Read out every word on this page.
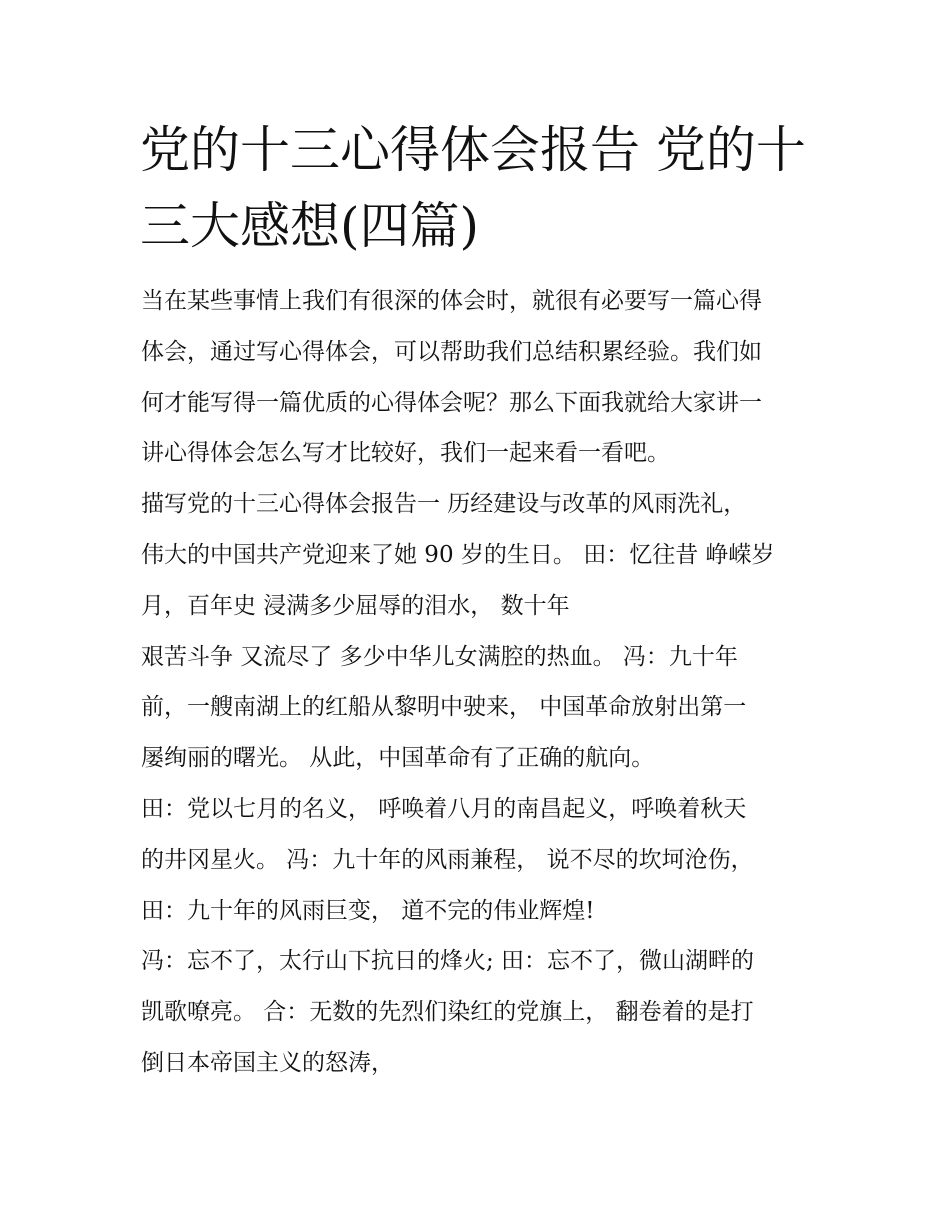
党的十三心得体会报告 党的十
三大感想(四篇)
当在某些事情上我们有很深的体会时，就很有必要写一篇心得
体会，通过写心得体会，可以帮助我们总结积累经验。我们如
何才能写得一篇优质的心得体会呢？那么下面我就给大家讲一
讲心得体会怎么写才比较好，我们一起来看一看吧。
描写党的十三心得体会报告一 历经建设与改革的风雨洗礼，
伟大的中国共产党迎来了她 90 岁的生日。 田：忆往昔 峥嵘岁
月，百年史 浸满多少屈辱的泪水， 数十年
艰苦斗争 又流尽了 多少中华儿女满腔的热血。 冯：九十年
前，一艘南湖上的红船从黎明中驶来， 中国革命放射出第一
屡绚丽的曙光。 从此，中国革命有了正确的航向。
田：党以七月的名义， 呼唤着八月的南昌起义，呼唤着秋天
的井冈星火。 冯：九十年的风雨兼程， 说不尽的坎坷沧伤，
田：九十年的风雨巨变， 道不完的伟业辉煌!
冯：忘不了，太行山下抗日的烽火; 田：忘不了，微山湖畔的
凯歌嘹亮。 合：无数的先烈们染红的党旗上， 翻卷着的是打
倒日本帝国主义的怒涛，
